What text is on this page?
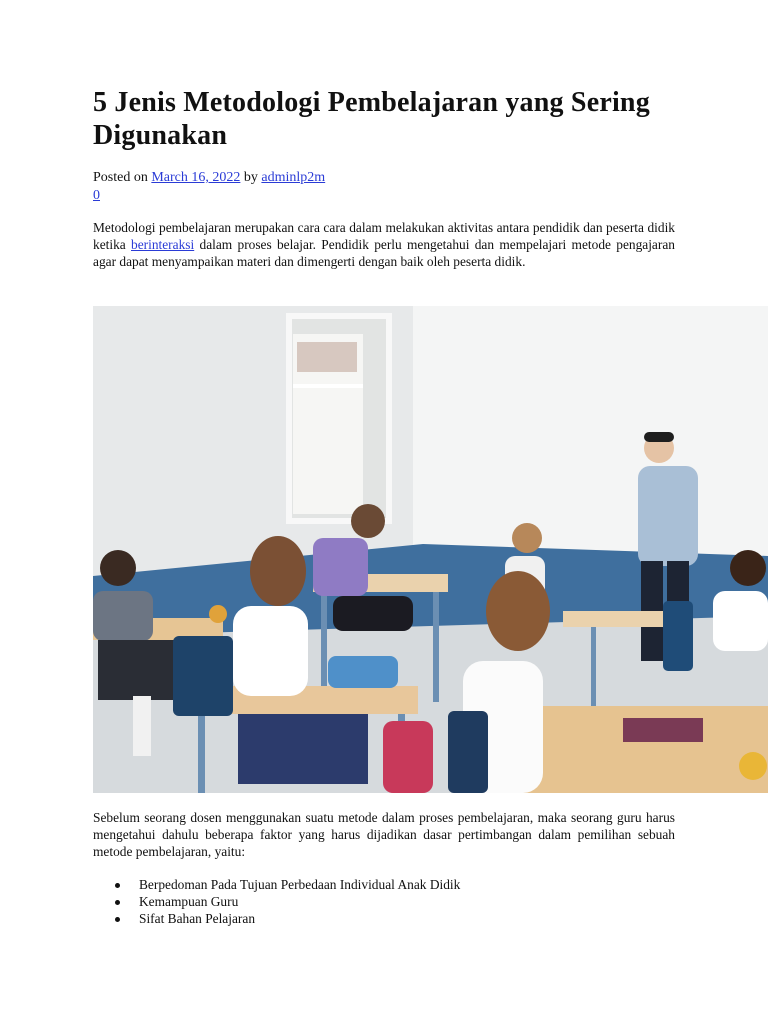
5 Jenis Metodologi Pembelajaran yang Sering Digunakan
Posted on March 16, 2022 by adminlp2m
0

Metodologi pembelajaran merupakan cara cara dalam melakukan aktivitas antara pendidik dan peserta didik ketika berinteraksi dalam proses belajar. Pendidik perlu mengetahui dan mempelajari metode pengajaran agar dapat menyampaikan materi dan dimengerti dengan baik oleh peserta didik.

Sebelum seorang dosen menggunakan suatu metode dalam proses pembelajaran, maka seorang guru harus mengetahui dahulu beberapa faktor yang harus dijadikan dasar pertimbangan dalam pemilihan sebuah metode pembelajaran, yaitu:

Berpedoman Pada Tujuan Perbedaan Individual Anak Didik
Kemampuan Guru
Sifat Bahan Pelajaran
